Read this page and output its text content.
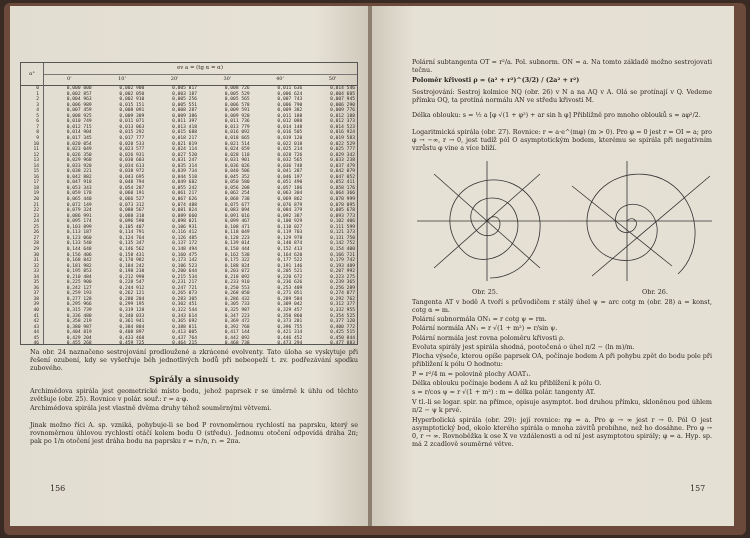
α°
ev a = (tg α = α)
0'	10'	20'	30'	40'	50'
0	0,000 000	0,002 900	0,005 817	0,008 726	0,011 636	0,014 546
1	0,002 857	0,002 050	0,003 187	0,005 529	0,006 624	0,004 605
2	0,004 963	0,002 910	0,005 256	0,005 565	0,007 743	0,007 945
3	0,006 989	0,015 151	0,005 551	0,006 578	0,006 790	0,006 290
4	0,007 459	0,008 091	0,008 287	0,009 591	0,009 382	0,009 776
5	0,008 925	0,009 389	0,009 386	0,009 920	0,011 188	0,012 188
6	0,010 749	0,011 071	0,011 397	0,011 736	0,012 088	0,012 373
7	0,012 715	0,013 063	0,013 418	0,013 779	0,014 148	0,014 523
8	0,014 904	0,015 292	0,015 688	0,016 092	0,016 505	0,016 924
9	0,017 345	0,017 777	0,018 217	0,018 665	0,019 120	0,019 583
10	0,020 054	0,020 533	0,021 019	0,021 514	0,022 018	0,022 529
11	0,023 049	0,023 577	0,024 114	0,024 659	0,025 214	0,025 777
12	0,026 350	0,026 931	0,027 520	0,028 118	0,028 726	0,029 342
13	0,029 968	0,030 603	0,031 247	0,031 901	0,032 565	0,033 238
14	0,033 920	0,034 613	0,035 314	0,036 026	0,036 748	0,037 479
15	0,038 221	0,038 972	0,039 734	0,040 506	0,041 287	0,042 079
16	0,042 882	0,043 695	0,044 518	0,045 352	0,046 197	0,047 052
17	0,047 918	0,048 794	0,049 682	0,050 580	0,051 490	0,052 411
18	0,053 343	0,054 287	0,055 242	0,056 208	0,057 186	0,058 176
19	0,059 178	0,060 191	0,061 217	0,062 254	0,063 304	0,064 366
20	0,065 440	0,066 527	0,067 626	0,068 738	0,069 862	0,070 999
21	0,072 149	0,073 312	0,074 488	0,075 677	0,076 879	0,078 095
22	0,079 324	0,080 567	0,081 824	0,083 094	0,084 379	0,085 678
23	0,086 991	0,088 318	0,089 660	0,091 016	0,092 387	0,093 773
24	0,095 174	0,096 590	0,098 021	0,099 467	0,100 929	0,102 406
25	0,103 899	0,105 407	0,106 931	0,108 471	0,110 027	0,111 599
26	0,113 187	0,114 791	0,116 412	0,118 049	0,119 703	0,121 373
27	0,123 060	0,124 764	0,126 485	0,128 223	0,129 978	0,131 750
28	0,133 540	0,135 347	0,137 172	0,139 014	0,140 874	0,142 752
29	0,144 648	0,146 562	0,148 494	0,150 444	0,152 413	0,154 400
30	0,156 406	0,158 431	0,160 475	0,162 538	0,164 620	0,166 721
31	0,168 842	0,170 982	0,173 142	0,175 322	0,177 522	0,179 742
32	0,181 982	0,184 242	0,186 523	0,188 824	0,191 146	0,193 489
33	0,195 853	0,198 238	0,200 644	0,203 072	0,205 521	0,207 992
34	0,210 484	0,212 998	0,215 534	0,218 092	0,220 672	0,223 275
35	0,225 900	0,228 547	0,231 217	0,233 910	0,236 626	0,239 365
36	0,242 127	0,244 912	0,247 721	0,250 553	0,253 409	0,256 289
37	0,259 193	0,262 121	0,265 073	0,268 050	0,271 051	0,274 077
38	0,277 128	0,280 204	0,283 305	0,286 432	0,289 584	0,292 762
39	0,295 966	0,299 195	0,302 451	0,305 733	0,309 042	0,312 377
40	0,315 739	0,319 128	0,322 544	0,325 987	0,329 457	0,332 955
41	0,336 480	0,340 033	0,343 614	0,347 223	0,350 860	0,354 525
42	0,358 219	0,361 941	0,365 692	0,369 472	0,373 281	0,377 120
43	0,380 987	0,384 884	0,388 811	0,392 768	0,396 755	0,400 772
44	0,404 819	0,408 897	0,413 005	0,417 144	0,421 314	0,425 515
45	0,429 204	0,433 468	0,437 764	0,442 092	0,446 452	0,450 844
46	0,455 268	0,459 725	0,464 215	0,468 738	0,473 294	0,477 883
Na obr. 24 naznačeno sestrojování prodloužené a zkrácené evolventy. Tato úloha se vyskytuje při řešení ozubení, kdy se vyšetřuje běh jednotlivých bodů při nebeopeží t. zv. podřezávání spodku zubového.
Spirály a sinusoidy
Archimédova spirála jest geometrické místo bodu, jehož paprsek r se úměrně k úhlu od těchto zvětšuje (obr. 25). Rovnice v polár. souř.: r = a·φ.
Archimédova spirála jest vlastně dvěma druhy téhož souměrnými větvemi.
Jinak možno říci A. sp. vzniká, pohybuje-li se bod P rovnoměrnou rychlostí na paprsku, který se rovnoměrnou úhlovou rychlostí otáčí kolem bodu O (středu). Jednomu otočení odpovídá dráha 2π; pak po 1/n otočení jest dráha bodu na paprsku r = r₁/n, r₁ = 2πa.
156
Polární subtangenta OT = r²/a. Pol. subnorm. ON = a. Na tomto základě možno sestrojovati tečnu.
Poloměr křivosti ρ = (a² + r²)^(3/2) / (2a² + r²)
Sestrojování: Sestroj kolmice NQ (obr. 26) v N a na AQ v A. Olá se protínají v Q. Vedeme přímku OQ, ta protíná normálu AN ve středu křivosti M.
Délka oblouku: s = ½ a [φ √(1 + φ²) + ar sin h φ] Přibližně pro mnoho oblouků s ≈ aφ²/2.
Logaritmická spirála (obr. 27). Rovnice: r = a·e^(mφ) (m > 0). Pro φ = 0 jest r = OI = a; pro φ → −∞, r → 0, jest tudíž pól O asymptotickým bodem, kterému se spirála při negativním vzrůstu φ vine a více blíží.
Obr. 25.	Obr. 26.
Tangenta AT v bodě A tvoří s průvodičem r stálý úhel ψ = arc cotg m (obr. 28) a = konst, cotg α = m.
Polární subnormála ON₁ = r cotg ψ = rm.
Polární normála AN₁ = r √(1 + m²) = r/sin ψ.
Polární normála jest rovna poloměru křivosti ρ.
Evoluta spirály jest spirála shodná, pootočená o úhel π/2 − (ln m)/m.
Plocha výseče, kterou opíše paprsek OA, počínaje bodem A při pohybu zpět do bodu pole při přiblížení k pólu O hodnotu:
P = r²/4 m = polovině plochy AOAT₁.
Délka oblouku počínaje bodem A až ku přiblížení k pólu O.
s = r/cos ψ = r √(1 + m²) : m = délka polár. tangenty AT.
V tl.-li se logar. spir. na přímce, opisuje asymptot. bod druhou přímku, skloněnou pod úhlem π/2 − ψ k prvé.
Hyperbolická spirála (obr. 29): její rovnice: rφ = a. Pro φ → ∞ jest r → 0. Pól O jest asymptotický bod, okolo kterého spirála o mnoha závitů probíhne, než ho dosáhne. Pro φ → 0, r → ∞. Rovnoběžka k ose X ve vzdálenosti a od ní jest asymptotou spirály; φ = a. Hyp. sp. má 2 zcadlově souměrné větve.
157
